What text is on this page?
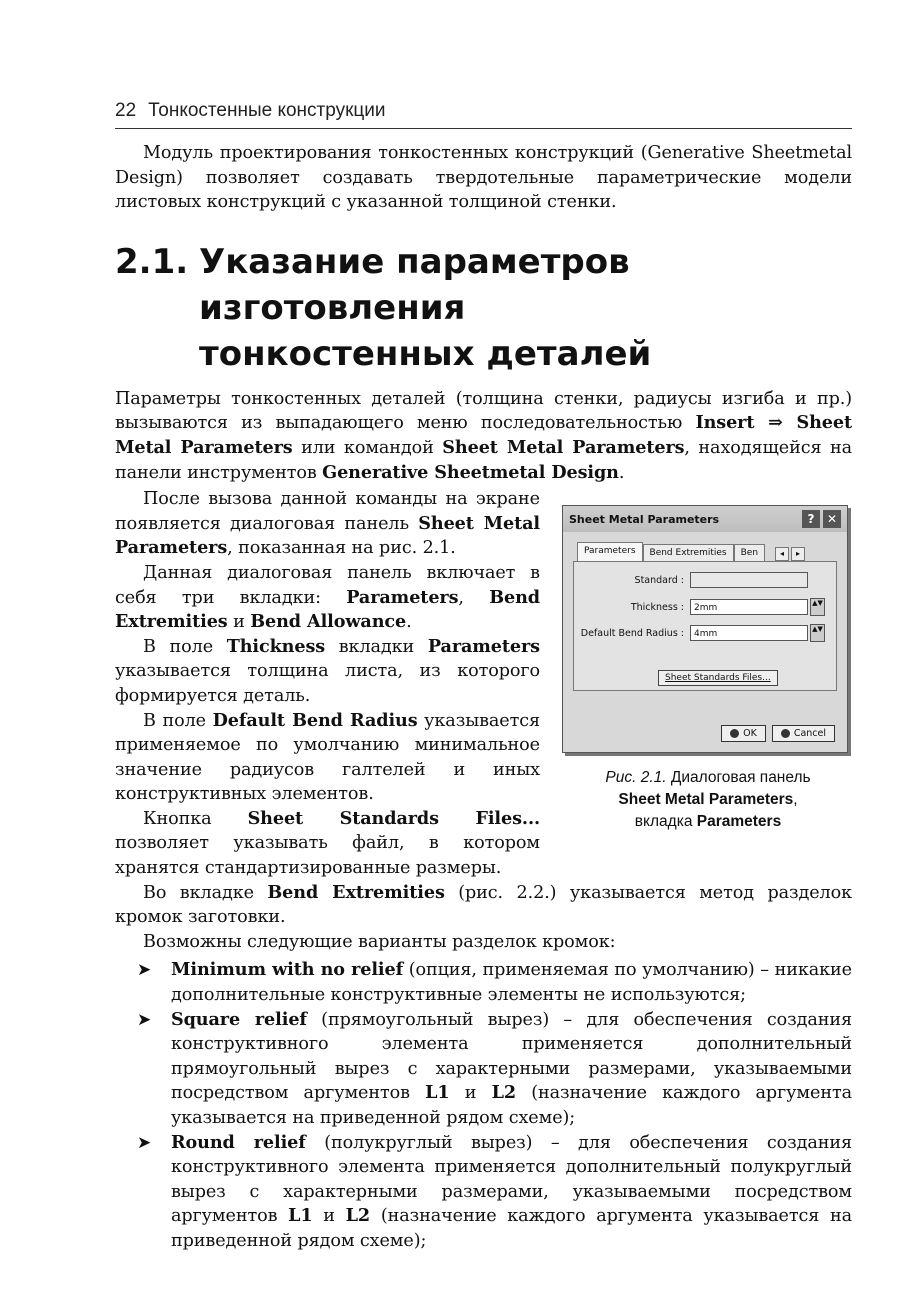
22 Тонкостенные конструкции

Модуль проектирования тонкостенных конструкций (Generative Sheetmetal Design) позволяет создавать твердотельные параметрические модели листовых конструкций с указанной толщиной стенки.

2.1. Указание параметров изготовления тонкостенных деталей

Параметры тонкостенных деталей (толщина стенки, радиусы изгиба и пр.) вызываются из выпадающего меню последовательностью Insert ⇒ Sheet Metal Parameters или командой Sheet Metal Parameters, находящейся на панели инструментов Generative Sheetmetal Design.

После вызова данной команды на экране появляется диалоговая панель Sheet Metal Parameters, показанная на рис. 2.1.

Данная диалоговая панель включает в себя три вкладки: Parameters, Bend Extremities и Bend Allowance.

В поле Thickness вкладки Parameters указывается толщина листа, из которого формируется деталь.

В поле Default Bend Radius указывается применяемое по умолчанию минимальное значение радиусов галтелей и иных конструктивных элементов.

Кнопка Sheet Standards Files... позволяет указывать файл, в котором хранятся стандартизированные размеры.

Sheet Metal Parameters	?	✕
Parameters	Bend Extremities	Ben	◂	▸
Standard :
Thickness :	2mm	▲▼
Default Bend Radius :	4mm	▲▼
Sheet Standards Files...
OK	Cancel
Рис. 2.1. Диалоговая панель
Sheet Metal Parameters,
вкладка Parameters

Во вкладке Bend Extremities (рис. 2.2.) указывается метод разделок кромок заготовки.

Возможны следующие варианты разделок кромок:

➤ Minimum with no relief (опция, применяемая по умолчанию) – никакие дополнительные конструктивные элементы не используются;

➤ Square relief (прямоугольный вырез) – для обеспечения создания конструктивного элемента применяется дополнительный прямоугольный вырез с характерными размерами, указываемыми посредством аргументов L1 и L2 (назначение каждого аргумента указывается на приведенной рядом схеме);

➤ Round relief (полукруглый вырез) – для обеспечения создания конструктивного элемента применяется дополнительный полукруглый вырез с характерными размерами, указываемыми посредством аргументов L1 и L2 (назначение каждого аргумента указывается на приведенной рядом схеме);
